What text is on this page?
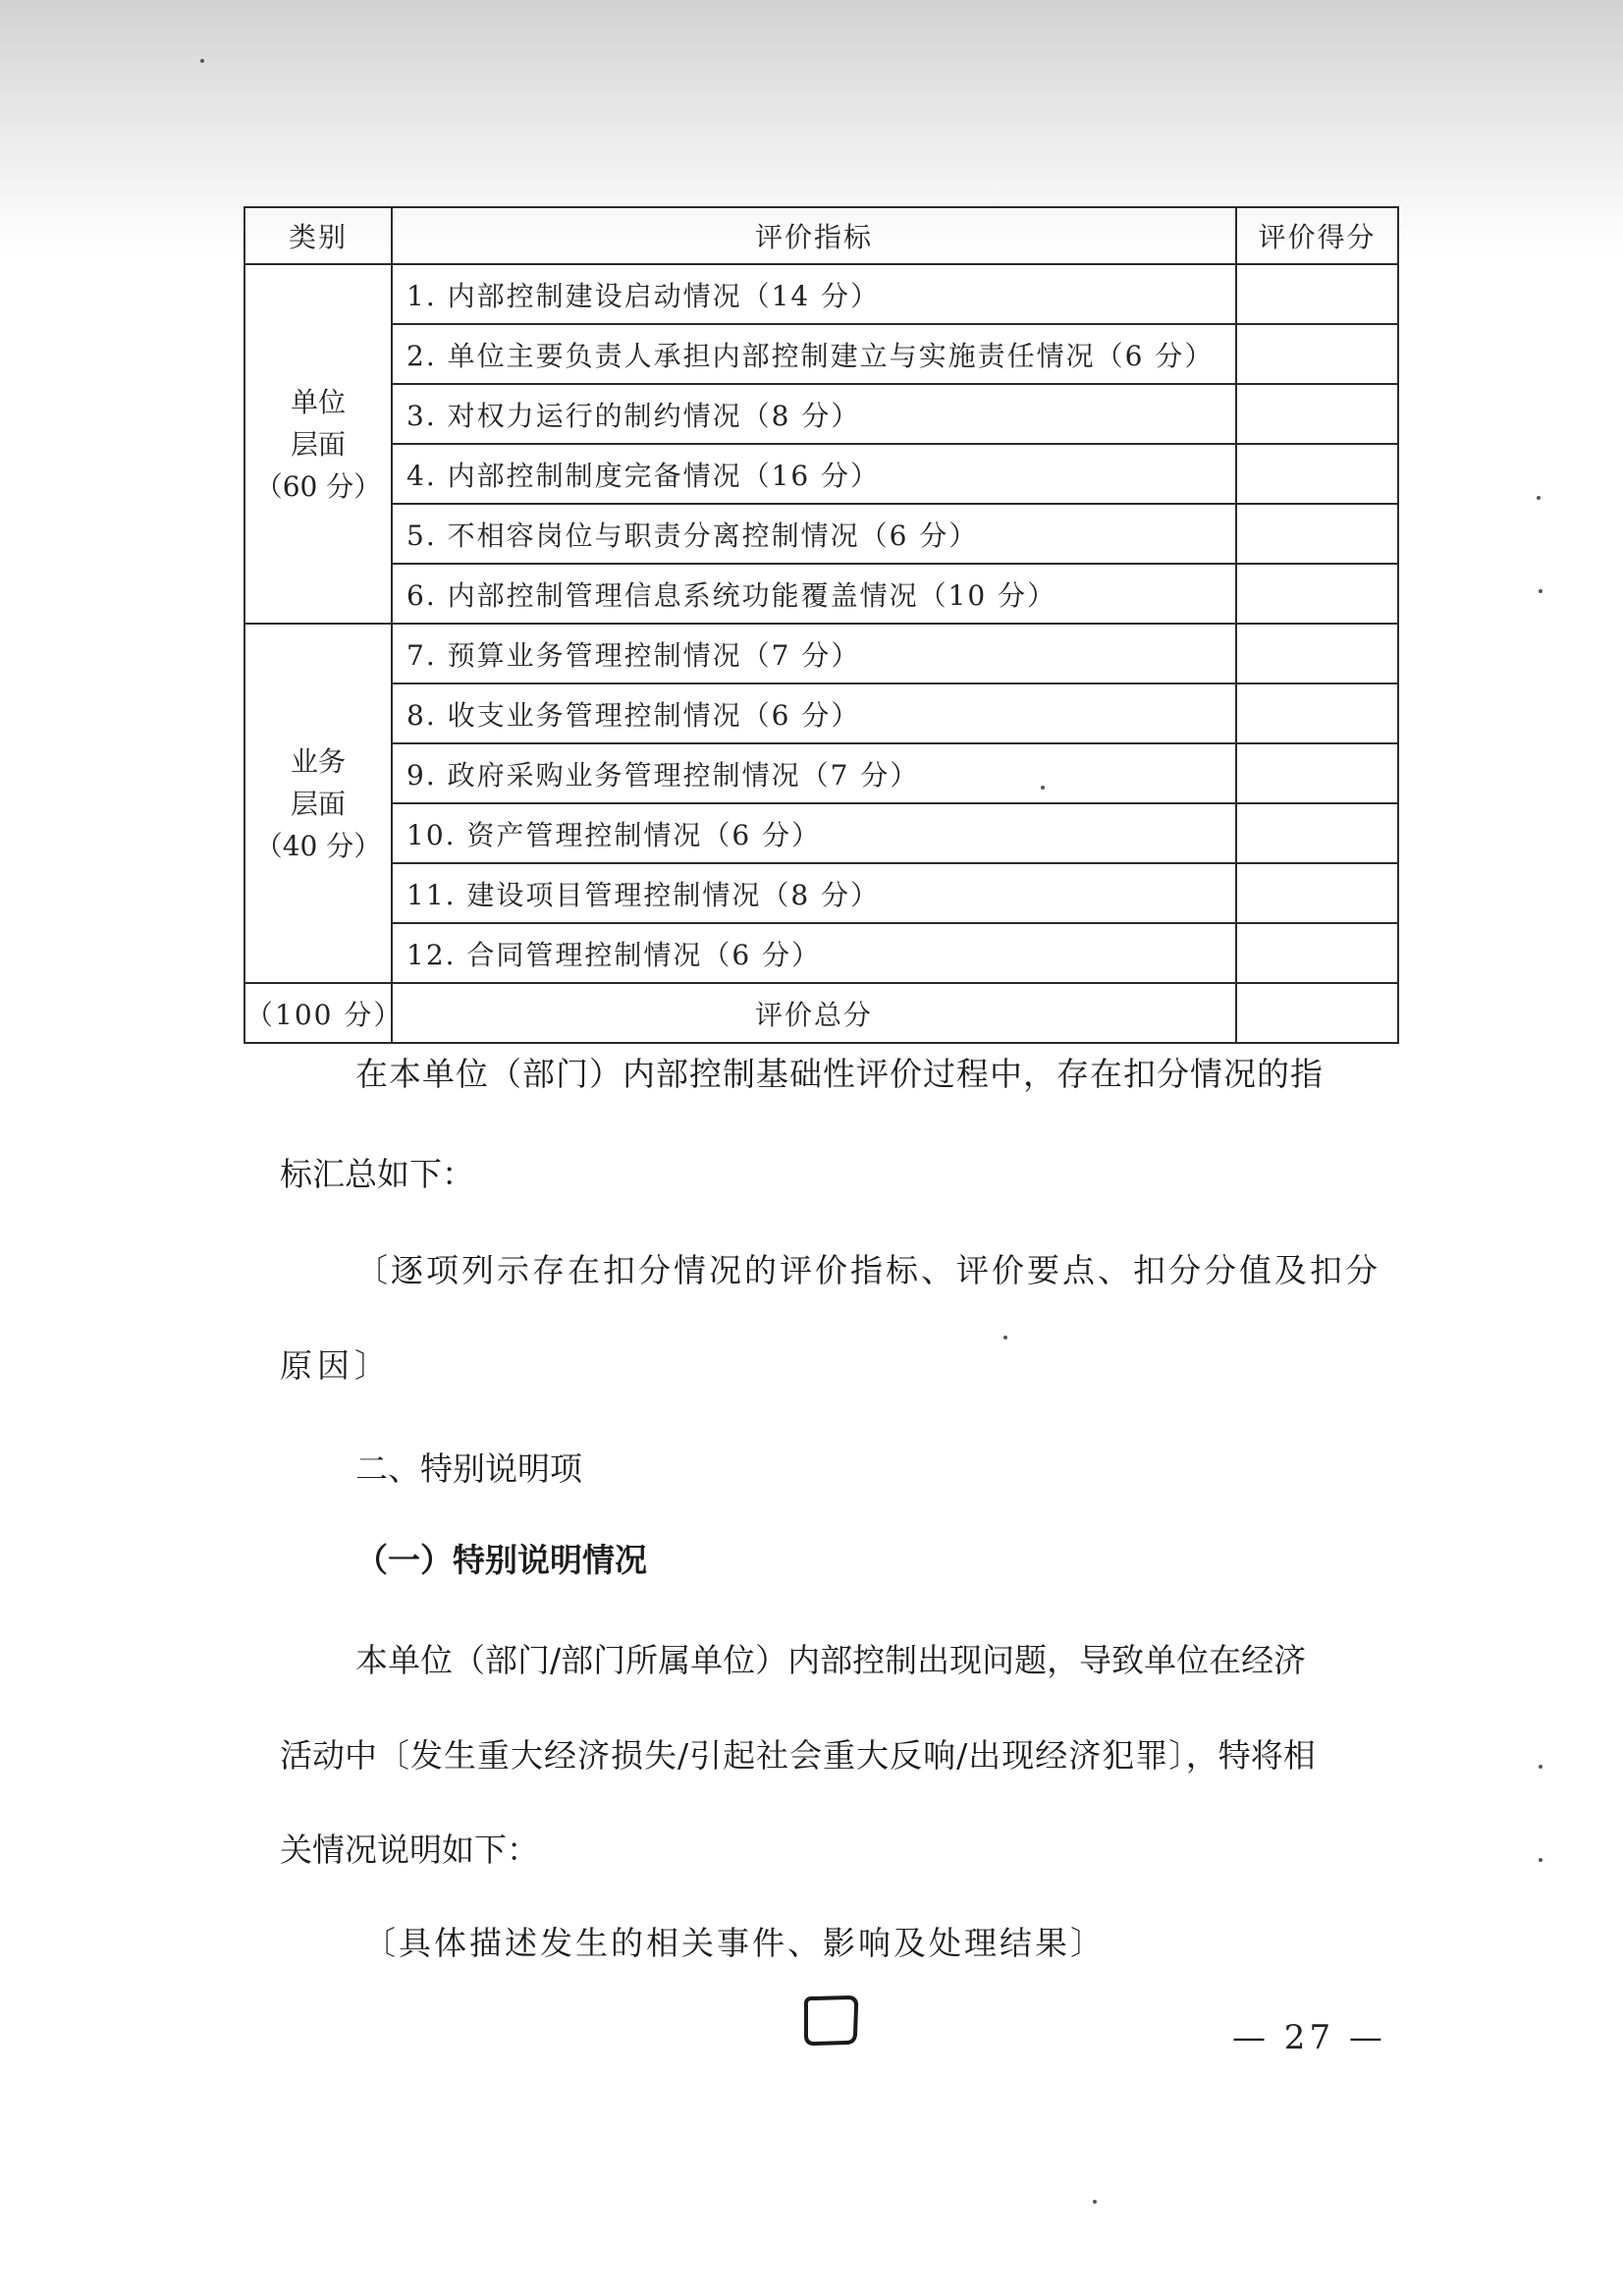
类别	评价指标	评价得分

单位
层面
（60 分）	1. 内部控制建设启动情况（14 分）	
	2. 单位主要负责人承担内部控制建立与实施责任情况（6 分）	
	3. 对权力运行的制约情况（8 分）	
	4. 内部控制制度完备情况（16 分）	
	5. 不相容岗位与职责分离控制情况（6 分）	
	6. 内部控制管理信息系统功能覆盖情况（10 分）	

业务
层面
（40 分）	7. 预算业务管理控制情况（7 分）	
	8. 收支业务管理控制情况（6 分）	
	9. 政府采购业务管理控制情况（7 分）	
	10. 资产管理控制情况（6 分）	
	11. 建设项目管理控制情况（8 分）	
	12. 合同管理控制情况（6 分）	
（100 分）	评价总分	
在本单位（部门）内部控制基础性评价过程中，存在扣分情况的指
标汇总如下：
〔逐项列示存在扣分情况的评价指标、评价要点、扣分分值及扣分
原因〕
二、特别说明项
（一）特别说明情况
本单位（部门/部门所属单位）内部控制出现问题，导致单位在经济
活动中〔发生重大经济损失/引起社会重大反响/出现经济犯罪〕，特将相
关情况说明如下：
〔具体描述发生的相关事件、影响及处理结果〕
— 27 —
